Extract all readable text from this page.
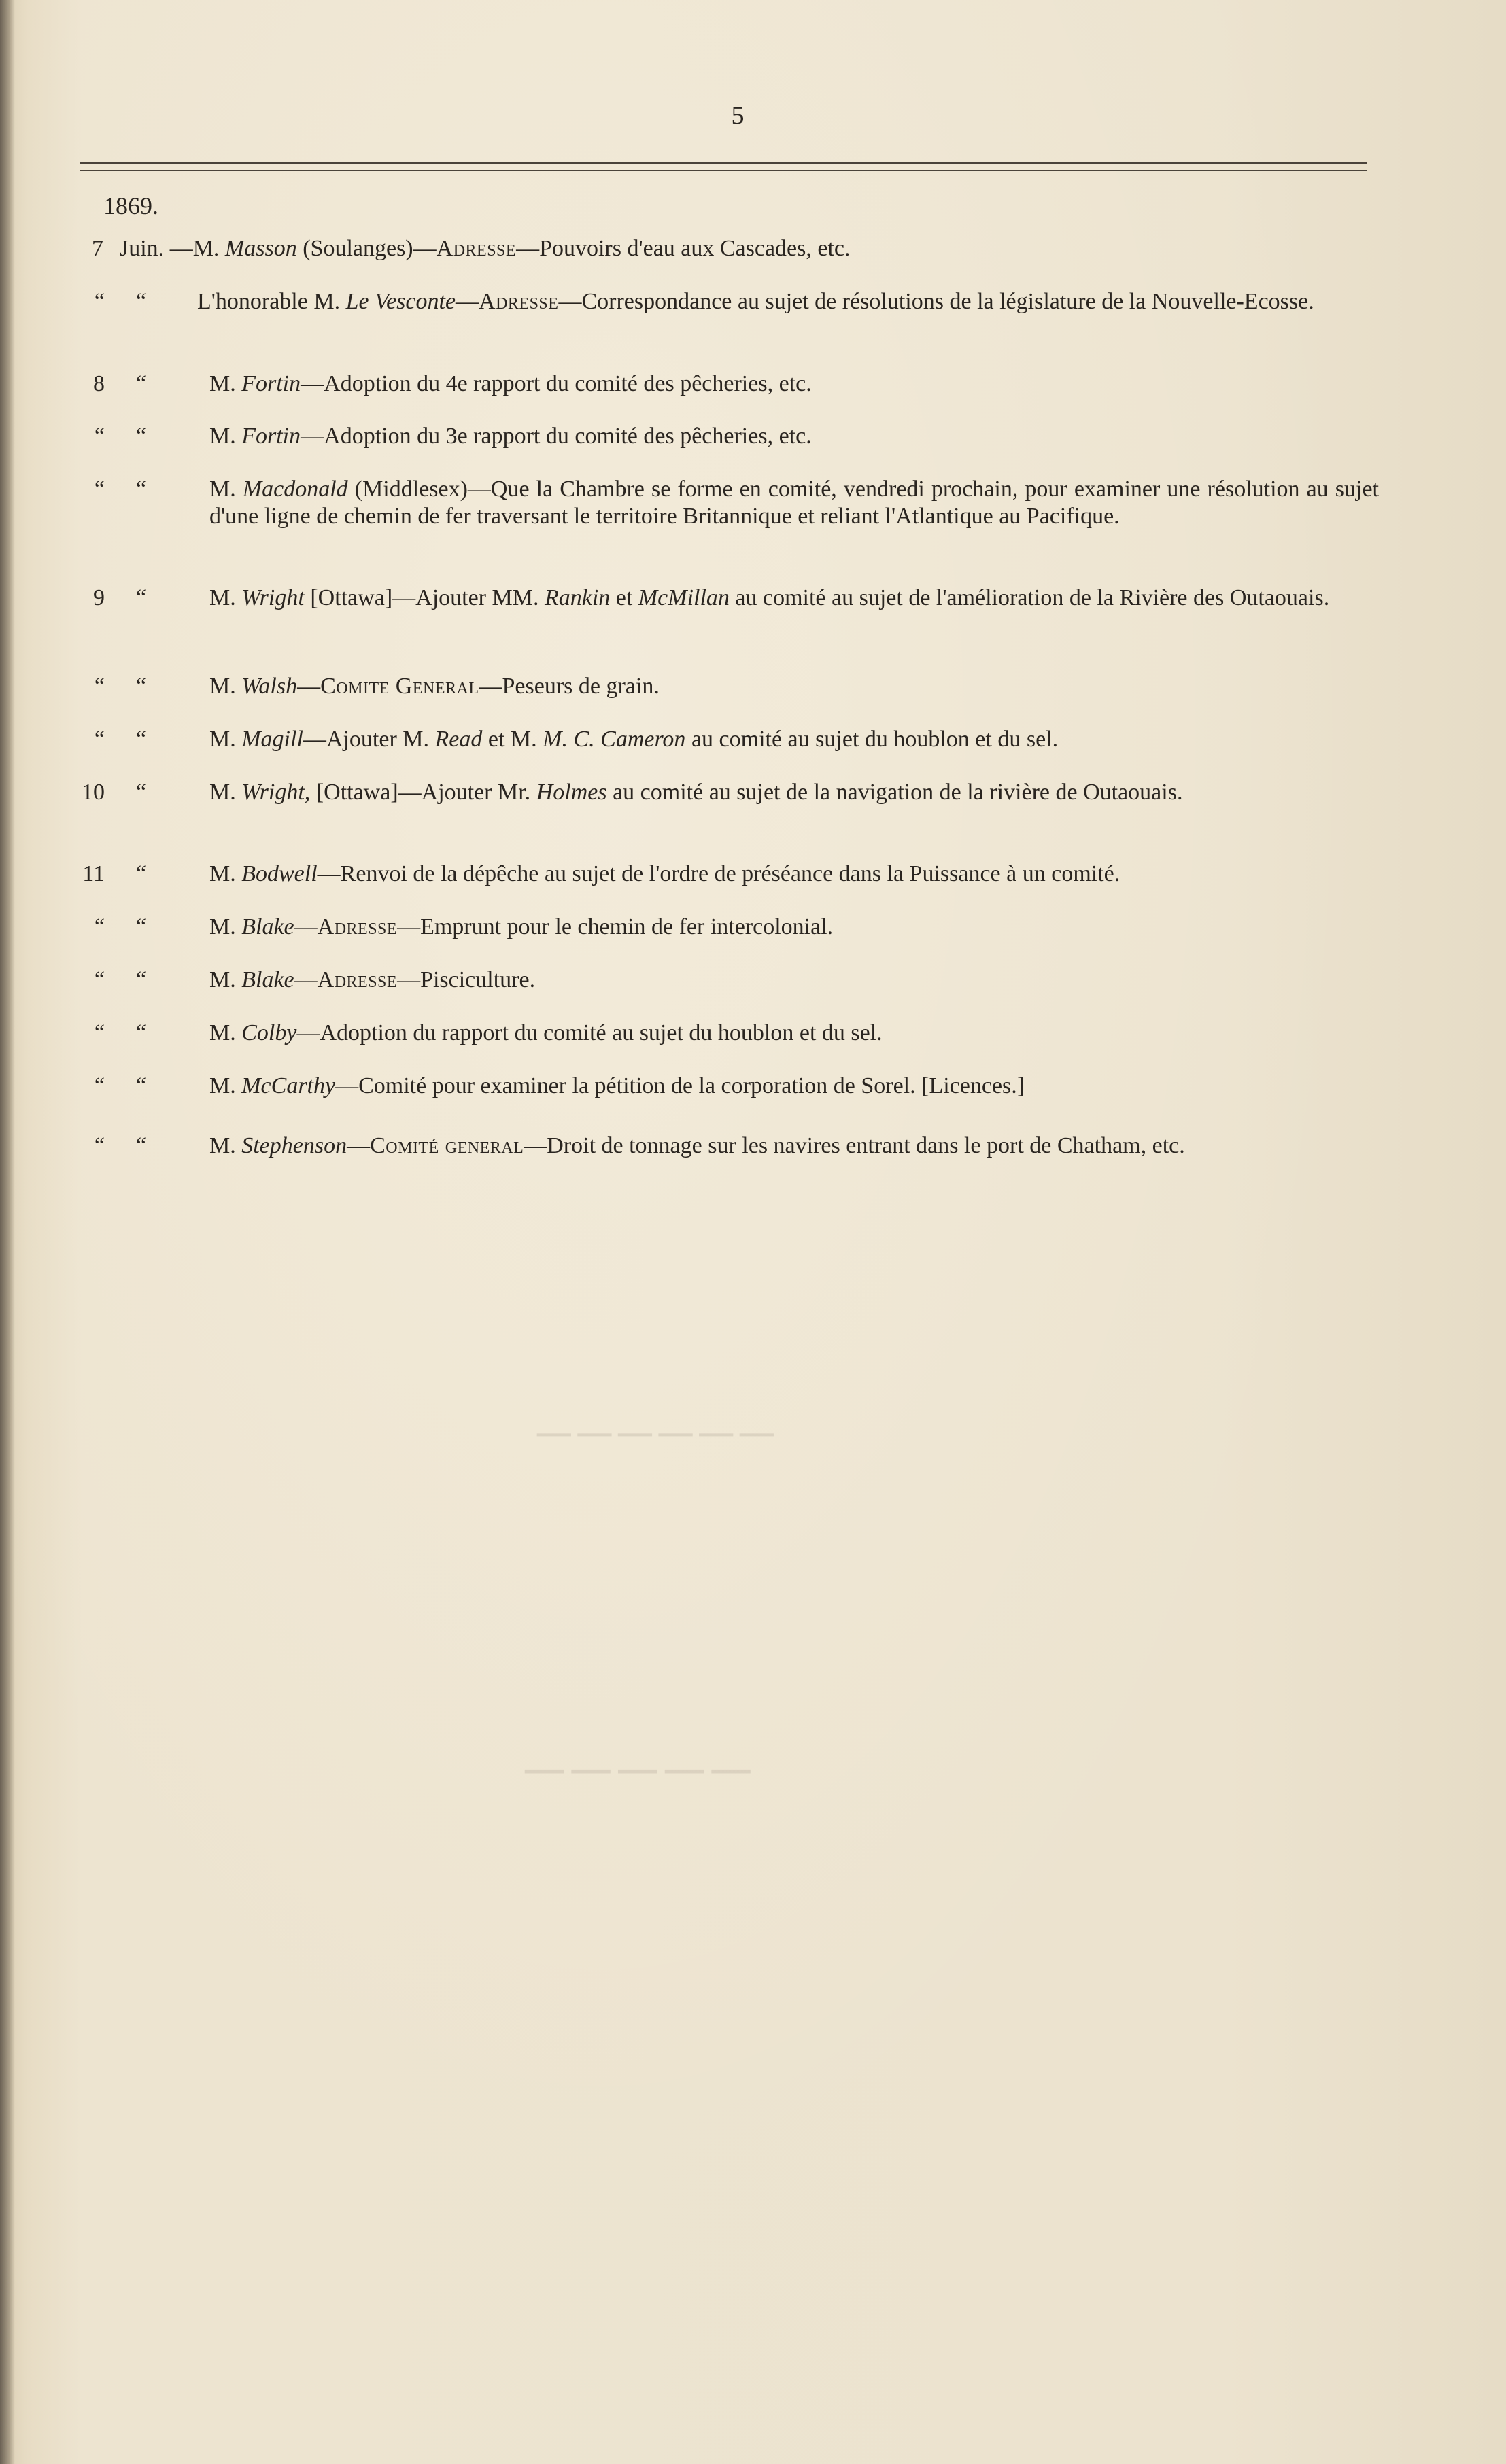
5
1869.
7 Juin. —M. Masson (Soulanges)—Adresse—Pouvoirs d'eau aux Cascades, etc.
“ “ L'honorable M. Le Vesconte—Adresse—Correspondance au sujet de résolutions de la législature de la Nouvelle-Ecosse.
8 “	M. Fortin—Adoption du 4e rapport du comité des pêcheries, etc.
“ “	M. Fortin—Adoption du 3e rapport du comité des pêcheries, etc.
“ “	M. Macdonald (Middlesex)—Que la Chambre se forme en comité, vendredi prochain, pour examiner une résolution au sujet d'une ligne de chemin de fer traversant le territoire Britannique et reliant l'Atlantique au Pacifique.
9 “	M. Wright [Ottawa]—Ajouter MM. Rankin et McMillan au comité au sujet de l'amélioration de la Rivière des Outaouais.
“ “	M. Walsh—Comite General—Peseurs de grain.
“ “	M. Magill—Ajouter M. Read et M. M. C. Cameron au comité au sujet du houblon et du sel.
10 “	M. Wright, [Ottawa]—Ajouter Mr. Holmes au comité au sujet de la navigation de la rivière de Outaouais.
11 “	M. Bodwell—Renvoi de la dépêche au sujet de l'ordre de préséance dans la Puissance à un comité.
“ “	M. Blake—Adresse—Emprunt pour le chemin de fer intercolonial.
“ “	M. Blake—Adresse—Pisciculture.
“ “	M. Colby—Adoption du rapport du comité au sujet du houblon et du sel.
“ “	M. McCarthy—Comité pour examiner la pétition de la corporation de Sorel. [Licences.]
“ “	M. Stephenson—Comité general—Droit de tonnage sur les navires entrant dans le port de Chatham, etc.
──────
─────
